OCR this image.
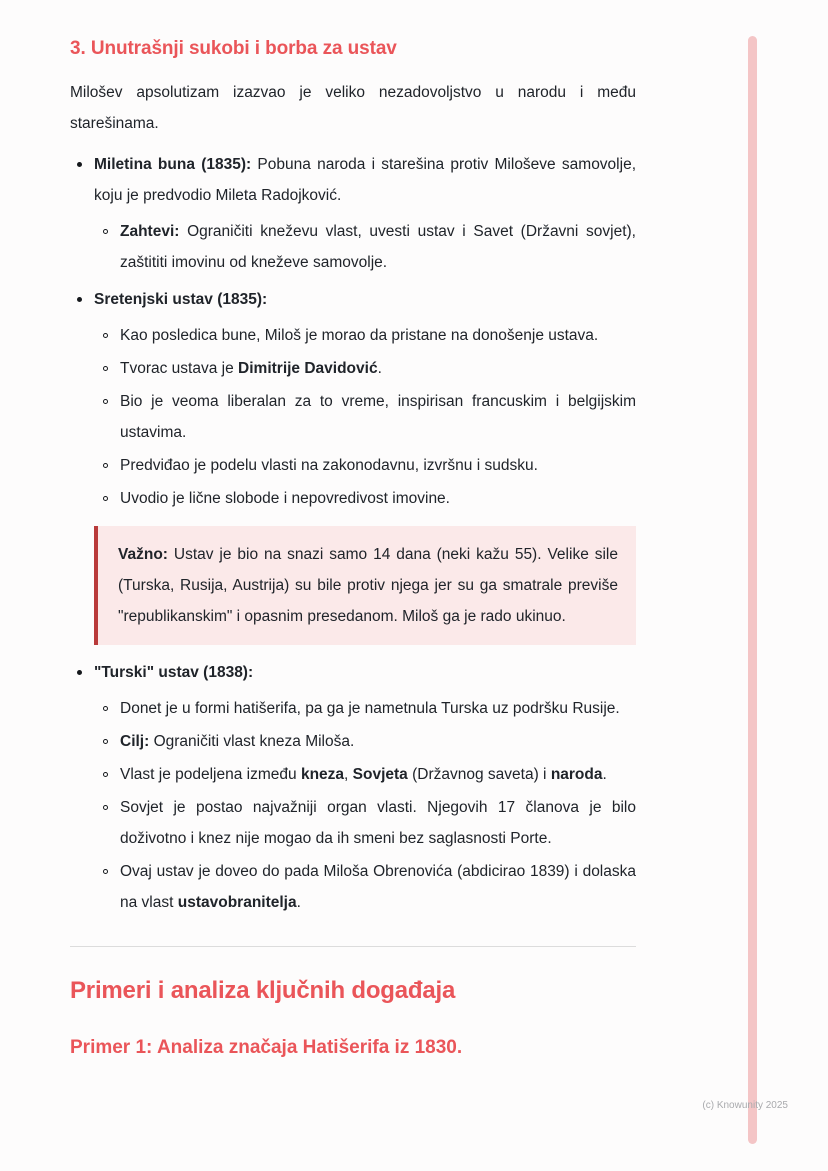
3. Unutrašnji sukobi i borba za ustav

Milošev apsolutizam izazvao je veliko nezadovoljstvo u narodu i među starešinama.

Miletina buna (1835): Pobuna naroda i starešina protiv Miloševe samovolje, koju je predvodio Mileta Radojković.
Zahtevi: Ograničiti kneževu vlast, uvesti ustav i Savet (Državni sovjet), zaštititi imovinu od kneževe samovolje.
Sretenjski ustav (1835):
Kao posledica bune, Miloš je morao da pristane na donošenje ustava.
Tvorac ustava je Dimitrije Davidović.
Bio je veoma liberalan za to vreme, inspirisan francuskim i belgijskim ustavima.
Predviđao je podelu vlasti na zakonodavnu, izvršnu i sudsku.
Uvodio je lične slobode i nepovredivost imovine.
Važno: Ustav je bio na snazi samo 14 dana (neki kažu 55). Velike sile (Turska, Rusija, Austrija) su bile protiv njega jer su ga smatrale previše "republikanskim" i opasnim presedanom. Miloš ga je rado ukinuo.
"Turski" ustav (1838):
Donet je u formi hatišerifa, pa ga je nametnula Turska uz podršku Rusije.
Cilj: Ograničiti vlast kneza Miloša.
Vlast je podeljena između kneza, Sovjeta (Državnog saveta) i naroda.
Sovjet je postao najvažniji organ vlasti. Njegovih 17 članova je bilo doživotno i knez nije mogao da ih smeni bez saglasnosti Porte.
Ovaj ustav je doveo do pada Miloša Obrenovića (abdicirao 1839) i dolaska na vlast ustavobranitelja.
Primeri i analiza ključnih događaja
Primer 1: Analiza značaja Hatišerifa iz 1830.
(c) Knowunity 2025
